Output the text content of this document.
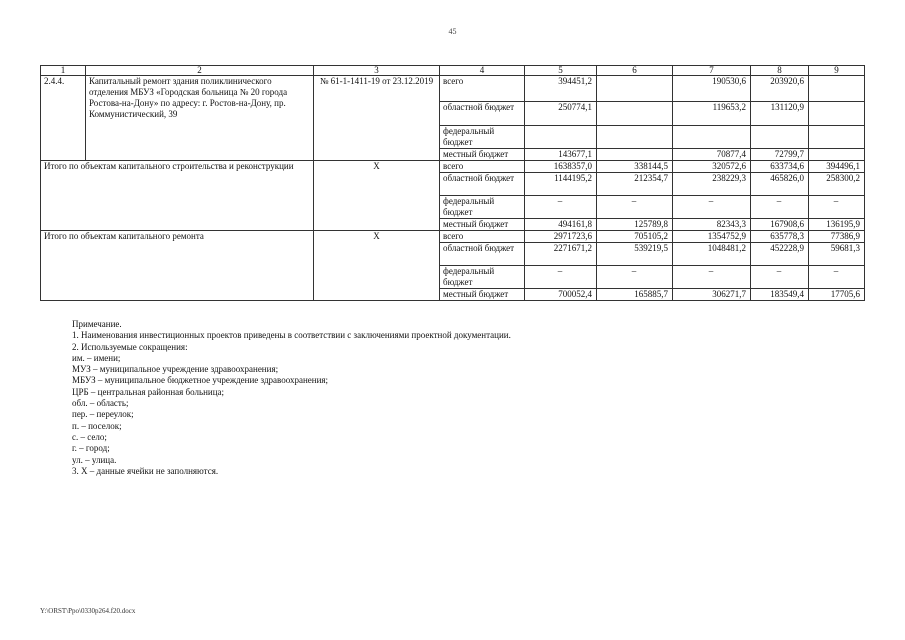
45
1	2	3	4	5	6	7	8	9
2.4.4.	Капитальный ремонт здания поликлинического отделения МБУЗ «Городская больница № 20 города Ростова-на-Дону» по адресу: г. Ростов-на-Дону, пр. Коммунистический, 39	№ 61-1-1411-19 от 23.12.2019	всего	394451,2		190530,6	203920,6	
			областной бюджет	250774,1		119653,2	131120,9	
			федеральный бюджет					
			местный бюджет	143677,1		70877,4	72799,7	
Итого по объектам капитального строительства и реконструкции		Х	всего	1638357,0	338144,5	320572,6	633734,6	394496,1
			областной бюджет	1144195,2	212354,7	238229,3	465826,0	258300,2
			федеральный бюджет	–	–	–	–	–
			местный бюджет	494161,8	125789,8	82343,3	167908,6	136195,9
Итого по объектам капитального ремонта		Х	всего	2971723,6	705105,2	1354752,9	635778,3	77386,9
			областной бюджет	2271671,2	539219,5	1048481,2	452228,9	59681,3
			федеральный бюджет	–	–	–	–	–
			местный бюджет	700052,4	165885,7	306271,7	183549,4	17705,6
Примечание.
1. Наименования инвестиционных проектов приведены в соответствии с заключениями проектной документации.
2. Используемые сокращения:
им. – имени;
МУЗ – муниципальное учреждение здравоохранения;
МБУЗ – муниципальное бюджетное учреждение здравоохранения;
ЦРБ – центральная районная больница;
обл. – область;
пер. – переулок;
п. – поселок;
с. – село;
г. – город;
ул. – улица.
3. Х – данные ячейки не заполняются.
Y:\ORST\Ppo\0330p264.f20.docx
